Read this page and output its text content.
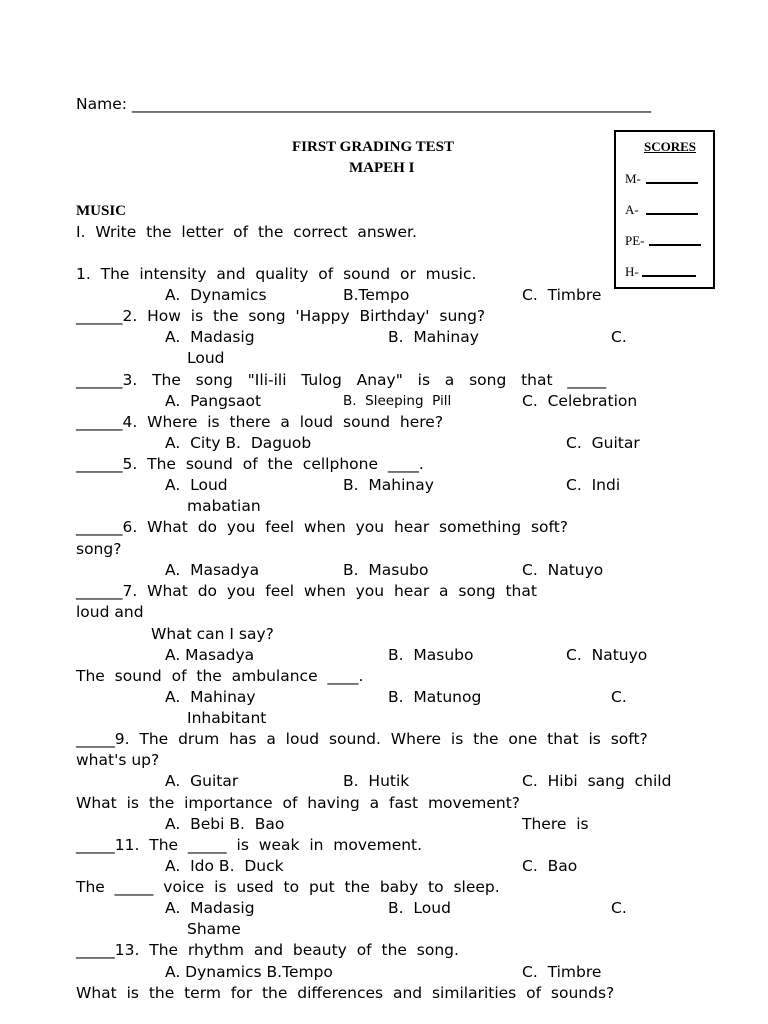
Name: ___________________________________________________________________
FIRST GRADING TEST
MAPEH I
SCORES
M-
A-
PE-
H-
MUSIC
I.  Write  the  letter  of  the  correct  answer.
1.  The  intensity  and  quality  of  sound  or  music.
A.  Dynamics	B.Tempo	C.  Timbre
______2.  How  is  the  song  'Happy  Birthday'  sung?
A.  Madasig	B.  Mahinay	C.
Loud
______3.   The   song   "Ili-ili   Tulog   Anay"   is   a   song   that   _____
A.  Pangsaot	B.  Sleeping  Pill	C.  Celebration
______4.  Where  is  there  a  loud  sound  here?
A.  City B.  Daguob	C.  Guitar
______5.  The  sound  of  the  cellphone  ____.
A.  Loud	B.  Mahinay	C.  Indi
mabatian
______6.  What  do  you  feel  when  you  hear  something  soft?
song?
A.  Masadya	B.  Masubo	C.  Natuyo
______7.  What  do  you  feel  when  you  hear  a  song  that
loud and
What can I say?
A. Masadya	B.  Masubo	C.  Natuyo
The  sound  of  the  ambulance  ____.
A.  Mahinay	B.  Matunog	C.
Inhabitant
_____9.  The  drum  has  a  loud  sound.  Where  is  the  one  that  is  soft?
what's up?
A.  Guitar	B.  Hutik	C.  Hibi  sang  child
What  is  the  importance  of  having  a  fast  movement?
A.  Bebi B.  Bao	There  is
_____11.  The  _____  is  weak  in  movement.
A.  Ido B.  Duck	C.  Bao
The  _____  voice  is  used  to  put  the  baby  to  sleep.
A.  Madasig	B.  Loud	C.
Shame
_____13.  The  rhythm  and  beauty  of  the  song.
A. Dynamics B.Tempo	C.  Timbre
What  is  the  term  for  the  differences  and  similarities  of  sounds?
